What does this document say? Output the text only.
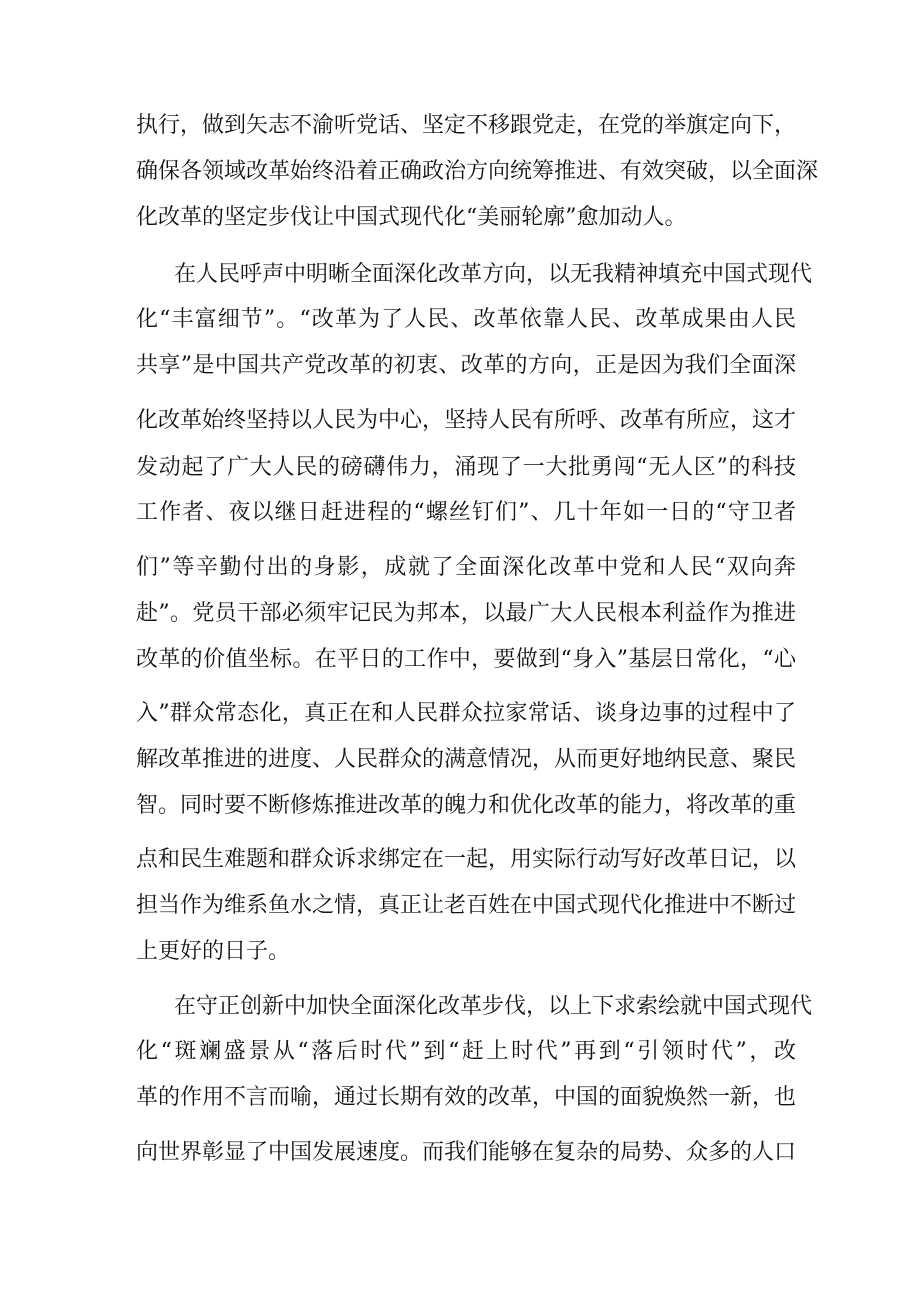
执行，做到矢志不渝听党话、坚定不移跟党走，在党的举旗定向下，
确保各领域改革始终沿着正确政治方向统筹推进、有效突破，以全面深
化改革的坚定步伐让中国式现代化“美丽轮廓”愈加动人。
在人民呼声中明晰全面深化改革方向，以无我精神填充中国式现代
化“丰富细节”。“改革为了人民、改革依靠人民、改革成果由人民
共享”是中国共产党改革的初衷、改革的方向，正是因为我们全面深
化改革始终坚持以人民为中心，坚持人民有所呼、改革有所应，这才
发动起了广大人民的磅礴伟力，涌现了一大批勇闯“无人区”的科技
工作者、夜以继日赶进程的“螺丝钉们”、几十年如一日的“守卫者
们”等辛勤付出的身影，成就了全面深化改革中党和人民“双向奔
赴”。党员干部必须牢记民为邦本，以最广大人民根本利益作为推进
改革的价值坐标。在平日的工作中，要做到“身入”基层日常化，“心
入”群众常态化，真正在和人民群众拉家常话、谈身边事的过程中了
解改革推进的进度、人民群众的满意情况，从而更好地纳民意、聚民
智。同时要不断修炼推进改革的魄力和优化改革的能力，将改革的重
点和民生难题和群众诉求绑定在一起，用实际行动写好改革日记，以
担当作为维系鱼水之情，真正让老百姓在中国式现代化推进中不断过
上更好的日子。
在守正创新中加快全面深化改革步伐，以上下求索绘就中国式现代
化“斑斓盛景从“落后时代”到“赶上时代”再到“引领时代”，改
革的作用不言而喻，通过长期有效的改革，中国的面貌焕然一新，也
向世界彰显了中国发展速度。而我们能够在复杂的局势、众多的人口
